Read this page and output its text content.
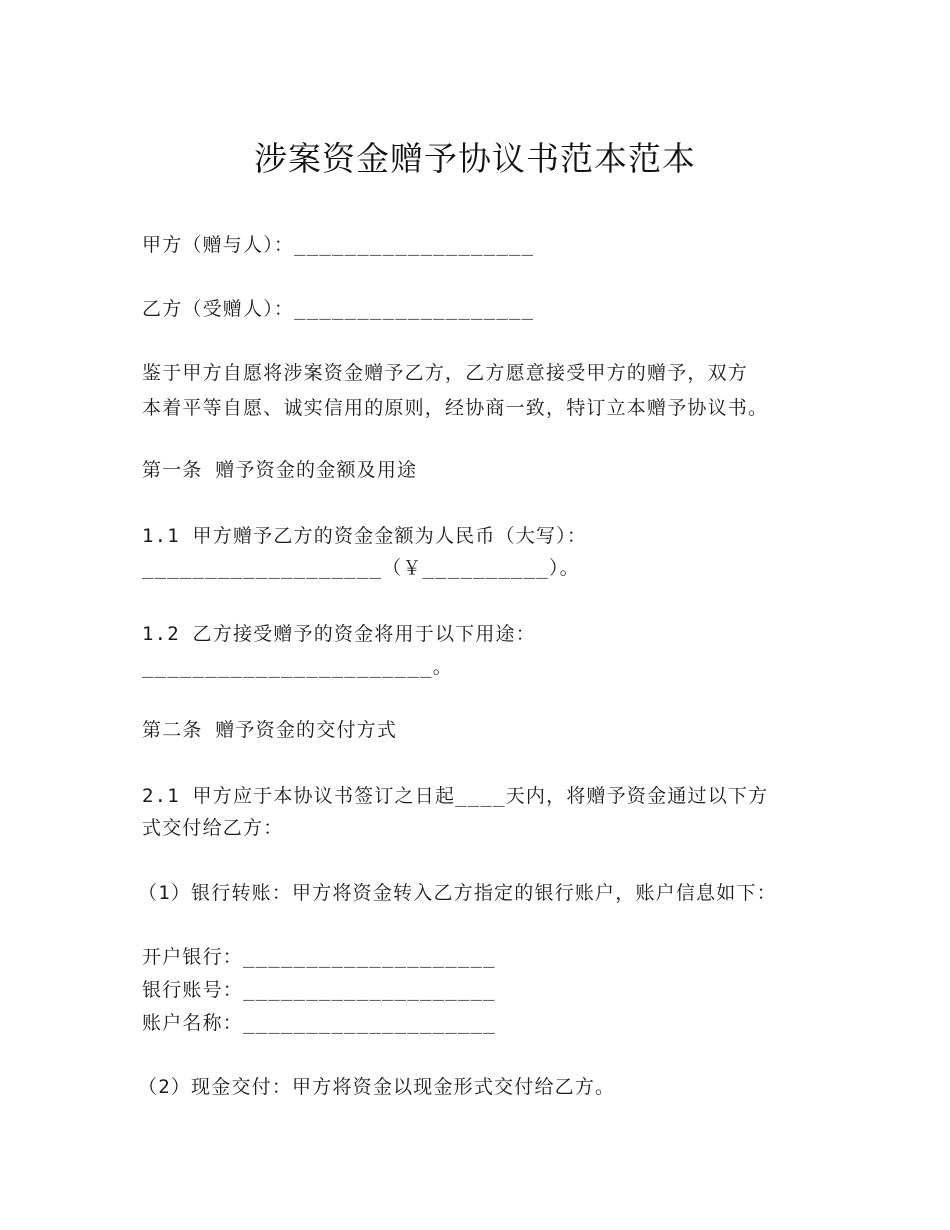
涉案资金赠予协议书范本范本
甲方（赠与人）：___________________
乙方（受赠人）：___________________
鉴于甲方自愿将涉案资金赠予乙方，乙方愿意接受甲方的赠予，双方
本着平等自愿、诚实信用的原则，经协商一致，特订立本赠予协议书。
第一条 赠予资金的金额及用途
1.1 甲方赠予乙方的资金金额为人民币（大写）：
___________________（￥__________）。
1.2 乙方接受赠予的资金将用于以下用途：
_______________________。
第二条 赠予资金的交付方式
2.1 甲方应于本协议书签订之日起____天内，将赠予资金通过以下方
式交付给乙方：
（1）银行转账：甲方将资金转入乙方指定的银行账户，账户信息如下：
开户银行：____________________
银行账号：____________________
账户名称：____________________
（2）现金交付：甲方将资金以现金形式交付给乙方。
